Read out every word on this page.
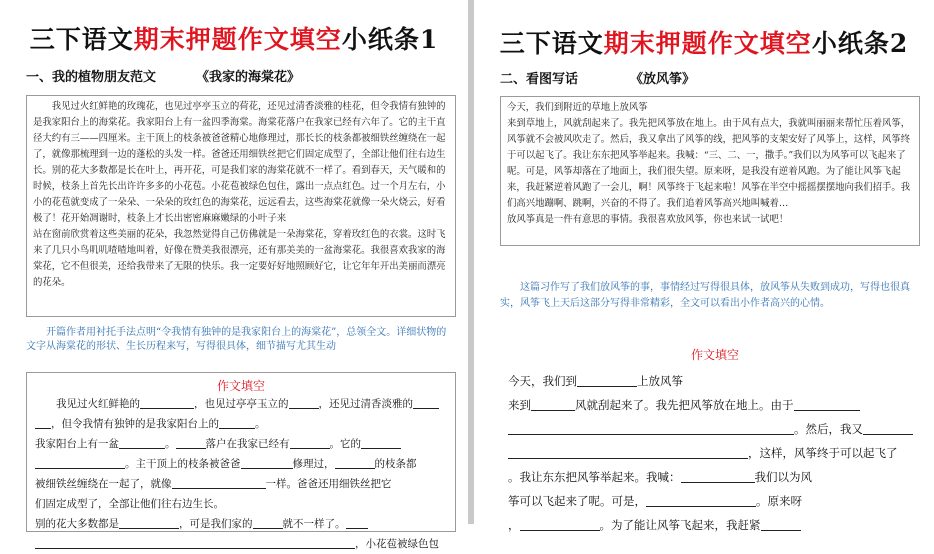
三下语文期末押题作文填空小纸条1
一、我的植物朋友范文	《我家的海棠花》

我见过火红鲜艳的玫瑰花，也见过亭亭玉立的荷花，还见过清香淡雅的桂花，但令我情有独钟的是我家阳台上的海棠花。我家阳台上有一盆四季海棠。海棠花落户在我家已经有六年了。它的主干直径大约有三——四厘米。主干顶上的枝条被爸爸精心地修理过，那长长的枝条都被细铁丝缠绕在一起了，就像那梳理到一边的蓬松的头发一样。爸爸还用细铁丝把它们固定成型了，全部让他们往右边生长。别的花大多数都是长在叶上，再开花，可是我们家的海棠花就不一样了。看到春天，天气暖和的时候，枝条上首先长出许许多多的小花苞。小花苞被绿色包住，露出一点点红色。过一个月左右，小小的花苞就变成了一朵朵、一朵朵的玫红色的海棠花，远远看去，这些海棠花就像一朵火烧云，好看极了！花开始凋谢时，枝条上才长出密密麻麻嫩绿的小叶子来

站在窗前欣赏着这些美丽的花朵，我忽然觉得自己仿佛就是一朵海棠花，穿着玫红色的衣裳。这时飞来了几只小鸟叽叽喳喳地叫着，好像在赞美我很漂亮，还有那美美的一盆海棠花。我很喜欢我家的海棠花，它不但很美，还给我带来了无限的快乐。我一定要好好地照顾好它，让它年年开出美丽而漂亮的花朵。

开篇作者用衬托手法点明“令我情有独钟的是我家阳台上的海棠花”，总领全文。详细状物的文字从海棠花的形状、生长历程来写，写得很具体，细节描写尤其生动
作文填空
我见过火红鲜艳的	，也见过亭亭玉立的	，还见过清香淡雅的
，但令我情有独钟的是我家阳台上的	。
我家阳台上有一盆	。	落户在我家已经有	。它的
。主干顶上的枝条被爸爸	修理过，	的枝条都
被细铁丝缠绕在一起了，就像	一样。爸爸还用细铁丝把它
们固定成型了，全部让他们往右边生长。
别的花大多数都是	，可是我们家的	就不一样了。
，小花苞被绿色包
三下语文期末押题作文填空小纸条2
二、看图写话	《放风筝》

今天，我们到附近的草地上放风筝

来到草地上，风就刮起来了。我先把风筝放在地上。由于风有点大，我就叫丽丽来帮忙压着风筝，风筝就不会被风吹走了。然后，我又拿出了风筝的线，把风筝的支架安好了风筝上，这样，风筝终于可以起飞了。我让东东把风筝举起来。我喊：“三、二、一，撒手。”我们以为风筝可以飞起来了呢。可是，风筝却落在了地面上，我们很失望。原来呀，是我没有逆着风跑。为了能让风筝飞起来，我赶紧逆着风跑了一会儿，啊！风筝终于飞起来啦！风筝在半空中摇摇摆摆地向我们招手。我们高兴地蹦啊、跳啊，兴奋的不得了。我们追着风筝高兴地叫喊着…

放风筝真是一件有意思的事情。我很喜欢放风筝，你也来试一试吧！

这篇习作写了我们放风筝的事，事情经过写得很具体，放风筝从失败到成功，写得也很真实，风筝飞上天后这部分写得非常精彩，全文可以看出小作者高兴的心情。
作文填空
今天，我们到	上放风筝
来到	风就刮起来了。我先把风筝放在地上。由于
。然后，我又
，这样，风筝终于可以起飞了
。我让东东把风筝举起来。我喊：	我们以为风
筝可以飞起来了呢。可是，	。原来呀
，	。为了能让风筝飞起来，我赶紧
